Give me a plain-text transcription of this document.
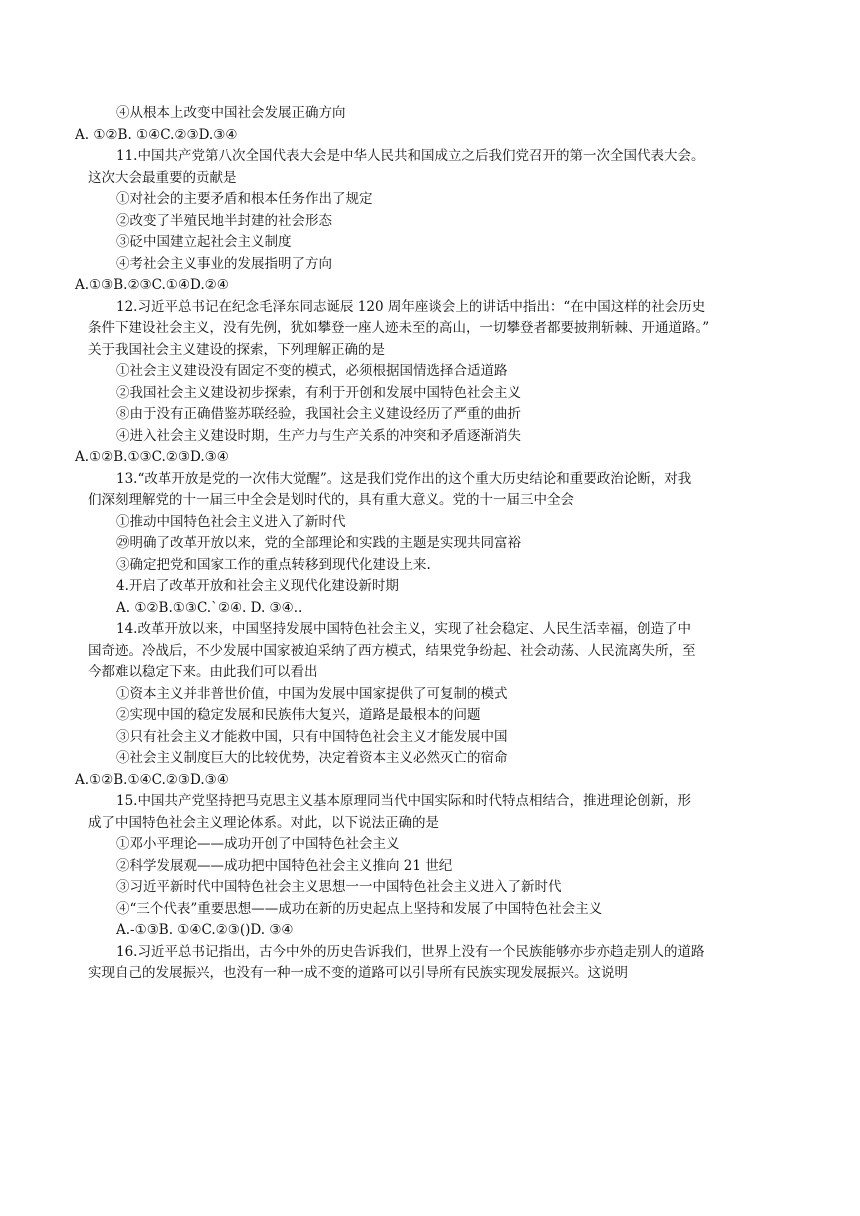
④从根本上改变中国社会发展正确方向
A. ①②B. ①④C.②③D.③④
11.中国共产党第八次全国代表大会是中华人民共和国成立之后我们党召开的第一次全国代表大会。
这次大会最重要的贡献是
①对社会的主要矛盾和根本任务作出了规定
②改变了半殖民地半封建的社会形态
③砭中国建立起社会主义制度
④考社会主义事业的发展指明了方向
A.①③B.②③C.①④D.②④
12.习近平总书记在纪念毛泽东同志诞辰 120 周年座谈会上的讲话中指出：“在中国这样的社会历史
条件下建设社会主义，没有先例，犹如攀登一座人迹未至的高山，一切攀登者都要披荆斩棘、开通道路。”
关于我国社会主义建设的探索，下列理解正确的是
①社会主义建设没有固定不变的模式，必须根据国情选择合适道路
②我国社会主义建设初步探索，有利于开创和发展中国特色社会主义
⑧由于没有正确借鉴苏联经验，我国社会主义建设经历了严重的曲折
④进入社会主义建设时期，生产力与生产关系的冲突和矛盾逐渐消失
A.①②B.①③C.②③D.③④
13.“改革开放是党的一次伟大觉醒”。这是我们党作出的这个重大历史结论和重要政治论断，对我
们深刻理解党的十一届三中全会是划时代的，具有重大意义。党的十一届三中全会
①推动中国特色社会主义进入了新时代
㉙明确了改革开放以来，党的全部理论和实践的主题是实现共同富裕
③确定把党和国家工作的重点转移到现代化建设上来.
4.开启了改革开放和社会主义现代化建设新时期
A. ①②B.①③C.`②④. D. ③④..
14.改革开放以来，中国坚持发展中国特色社会主义，实现了社会稳定、人民生活幸福，创造了中
国奇迹。冷战后，不少发展中国家被迫采纳了西方模式，结果党争纷起、社会动荡、人民流离失所，至
今都难以稳定下来。由此我们可以看出
①资本主义并非普世价值，中国为发展中国家提供了可复制的模式
②实现中国的稳定发展和民族伟大复兴，道路是最根本的问题
③只有社会主义才能救中国，只有中国特色社会主义才能发展中国
④社会主义制度巨大的比较优势，决定着资本主义必然灭亡的宿命
A.①②B.①④C.②③D.③④
15.中国共产党坚持把马克思主义基本原理同当代中国实际和时代特点相结合，推进理论创新，形
成了中国特色社会主义理论体系。对此，以下说法正确的是
①邓小平理论——成功开创了中国特色社会主义
②科学发展观——成功把中国特色社会主义推向 21 世纪
③习近平新时代中国特色社会主义思想一一中国特色社会主义进入了新时代
④“三个代表”重要思想——成功在新的历史起点上坚持和发展了中国特色社会主义
A.-①③B. ①④C.②③()D. ③④
16.习近平总书记指出，古今中外的历史告诉我们，世界上没有一个民族能够亦步亦趋走别人的道路
实现自己的发展振兴，也没有一种一成不变的道路可以引导所有民族实现发展振兴。这说明
